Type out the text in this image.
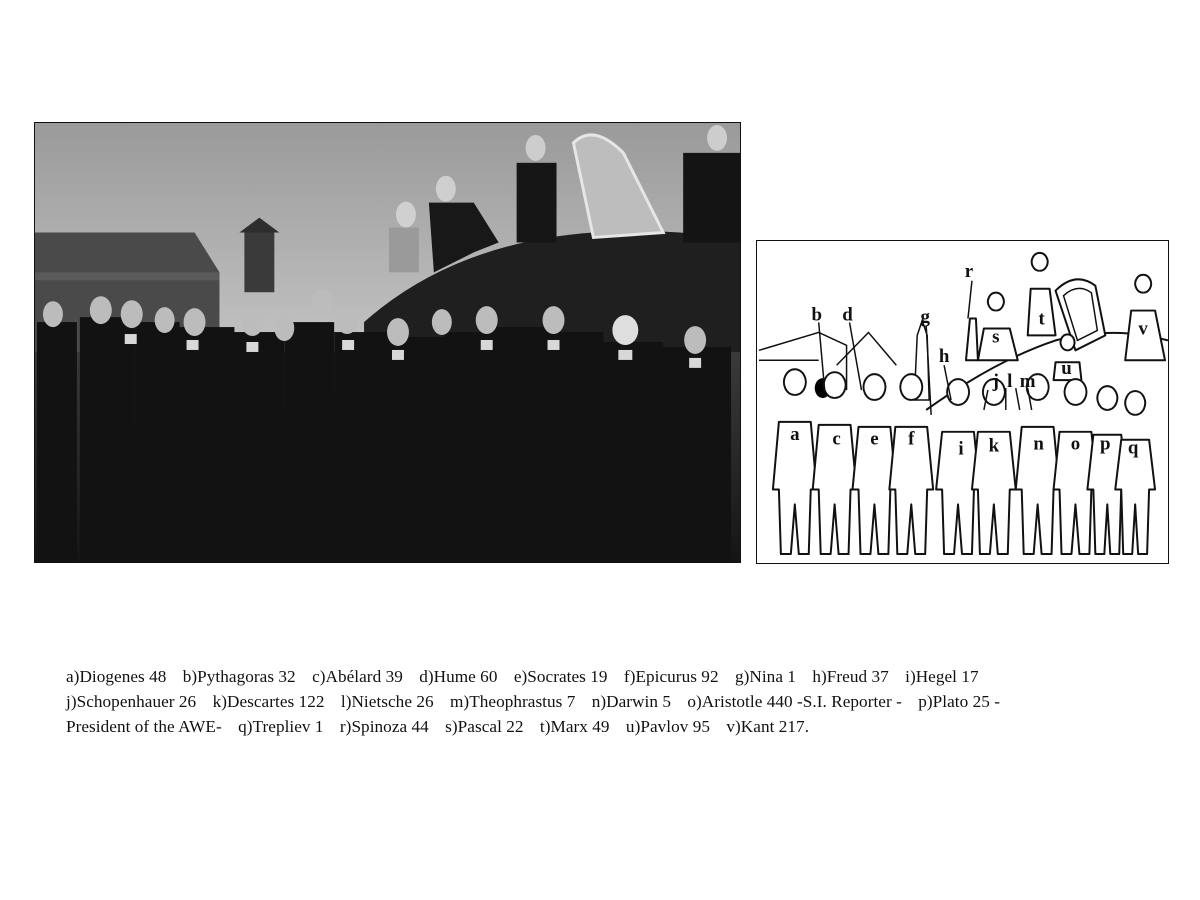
a
b
c
d
e f
g
h
i
j l m
k n o p q
r
s
t
u
v
a)Diogenes 48 b)Pythagoras 32 c)Abélard 39 d)Hume 60 e)Socrates 19 f)Epicurus 92 g)Nina 1 h)Freud 37 i)Hegel 17
j)Schopenhauer 26 k)Descartes 122 l)Nietsche 26 m)Theophrastus 7 n)Darwin 5 o)Aristotle 440 -S.I. Reporter - p)Plato 25 -
President of the AWE- q)Trepliev 1 r)Spinoza 44 s)Pascal 22 t)Marx 49 u)Pavlov 95 v)Kant 217.
